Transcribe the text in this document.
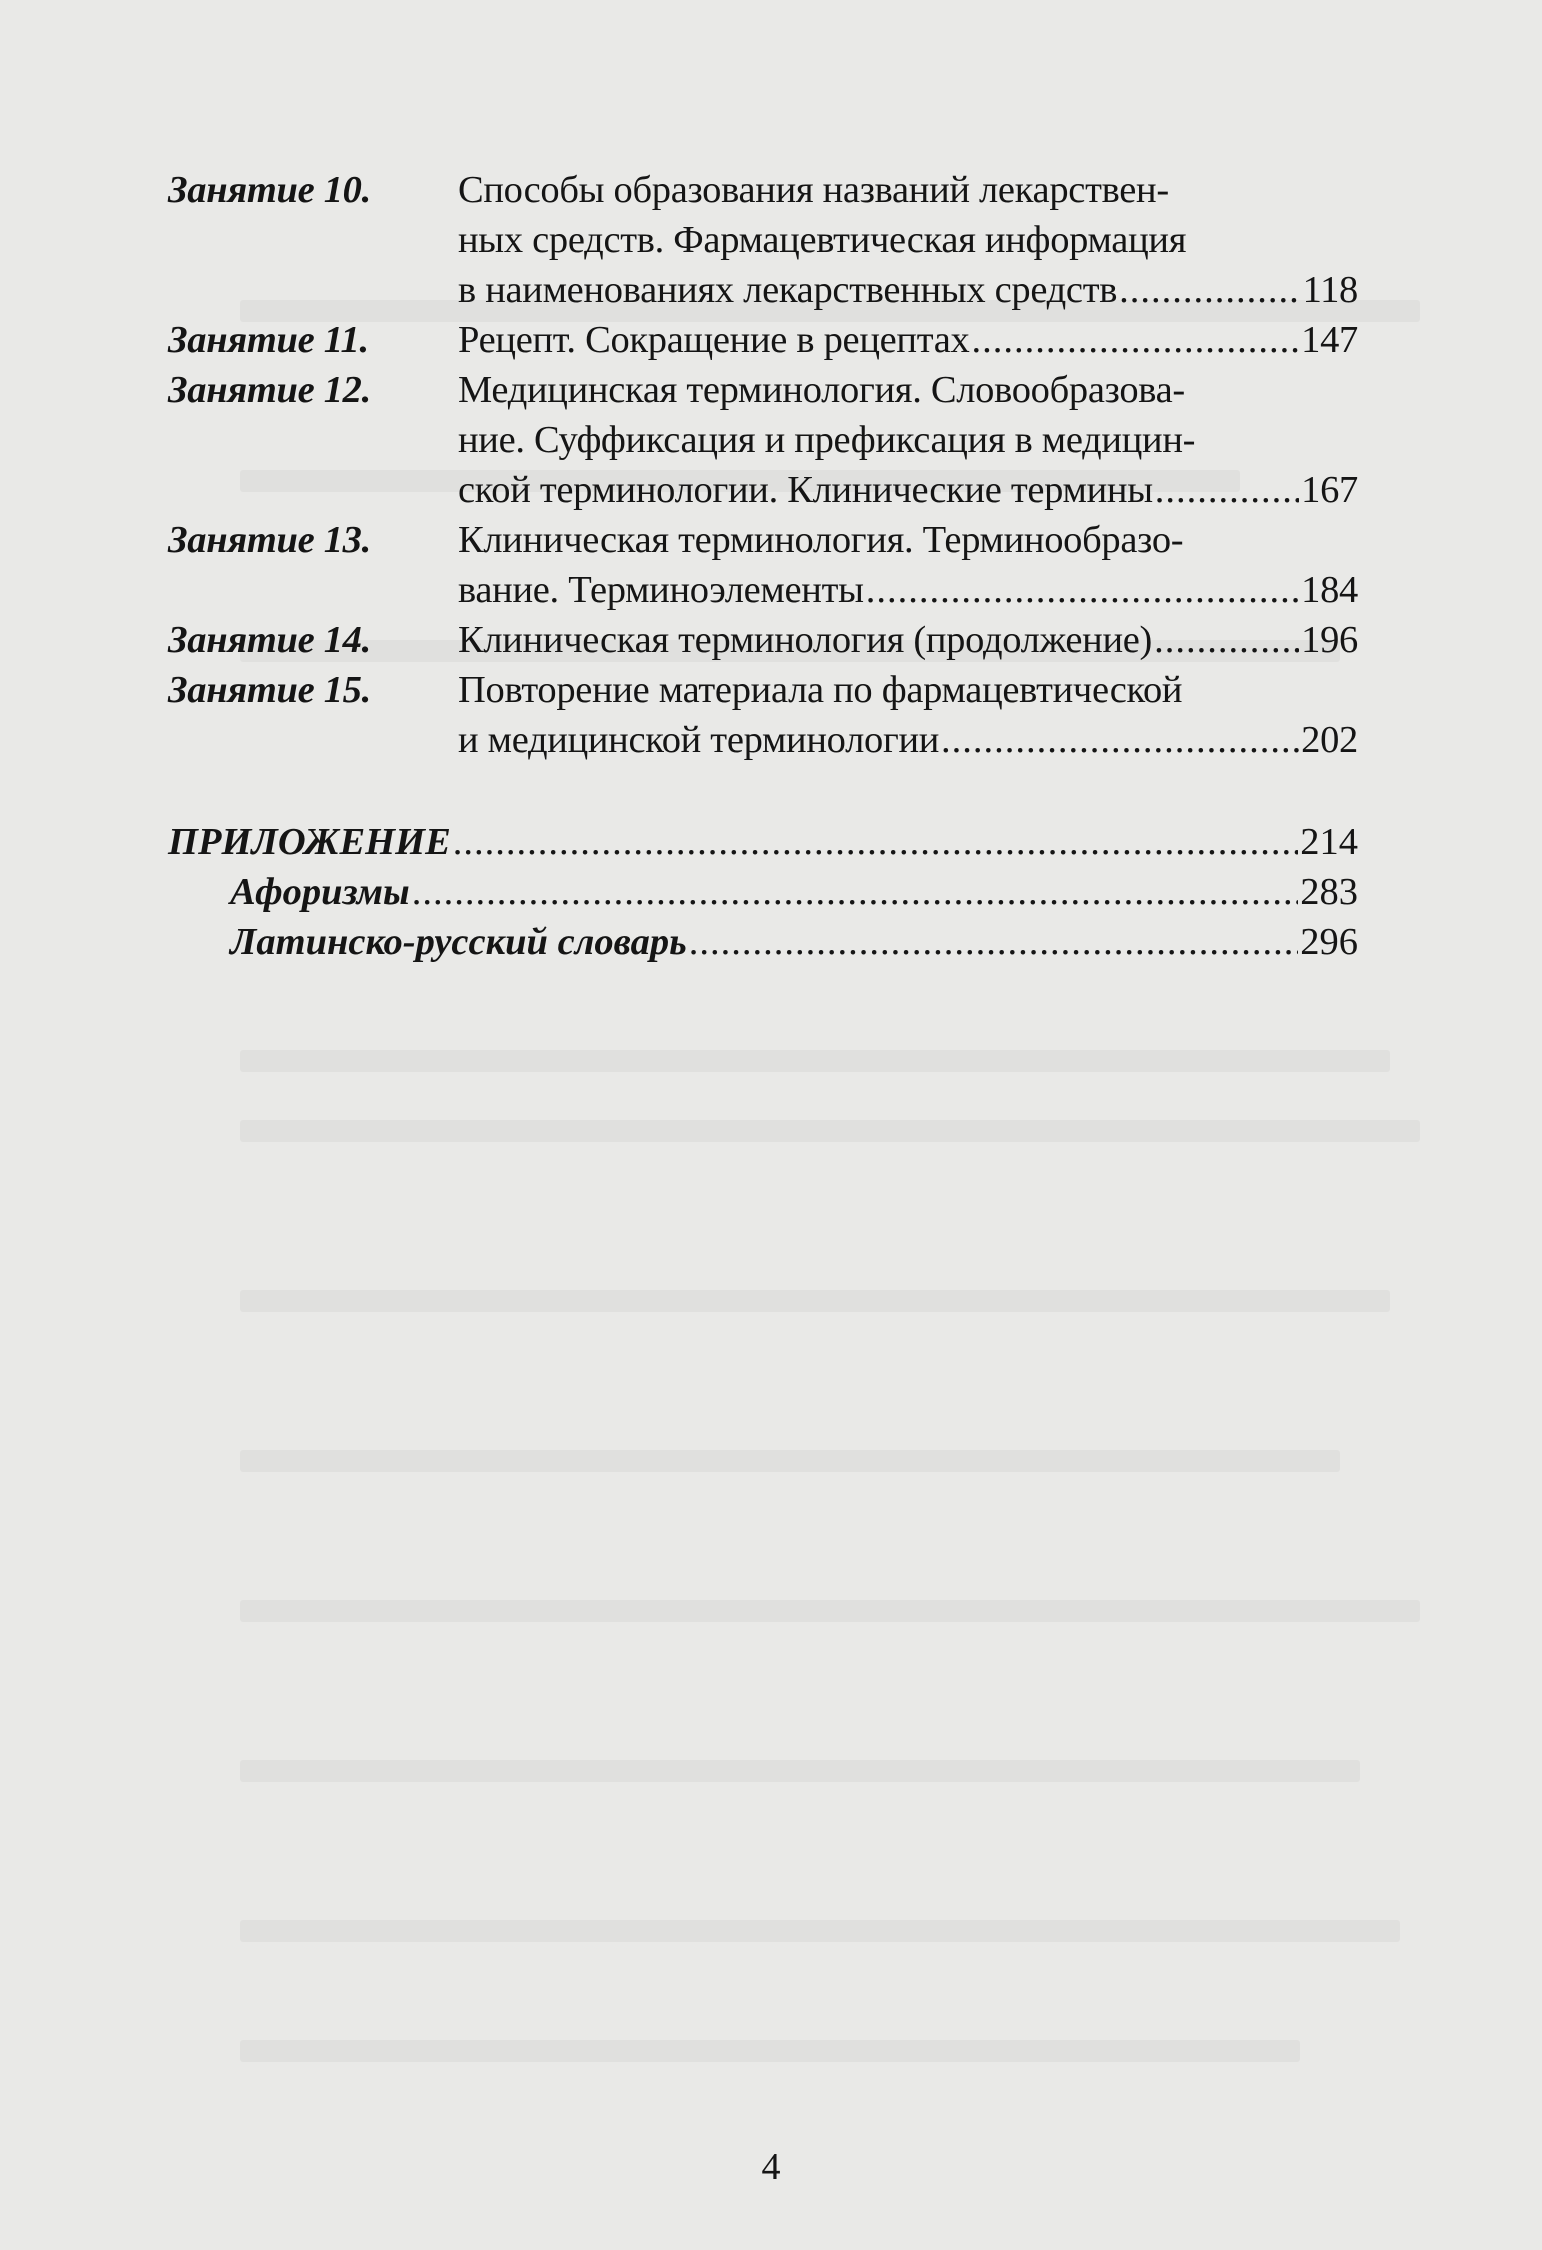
Занятие 10.	Способы образования названий лекарствен-
ных средств. Фармацевтическая информация
в наименованиях лекарственных средств .....	118
Занятие 11.	Рецепт. Сокращение в рецептах .....	147
Занятие 12.	Медицинская терминология. Словообразова-
ние. Суффиксация и префиксация в медицин-
ской терминологии. Клинические термины .....	167
Занятие 13.	Клиническая терминология. Терминообразо-
вание. Терминоэлементы .....	184
Занятие 14.	Клиническая терминология (продолжение) .....	196
Занятие 15.	Повторение материала по фармацевтической
и медицинской терминологии .....	202
ПРИЛОЖЕНИЕ .....	214
Афоризмы .....	283
Латинско-русский словарь .....	296
4
